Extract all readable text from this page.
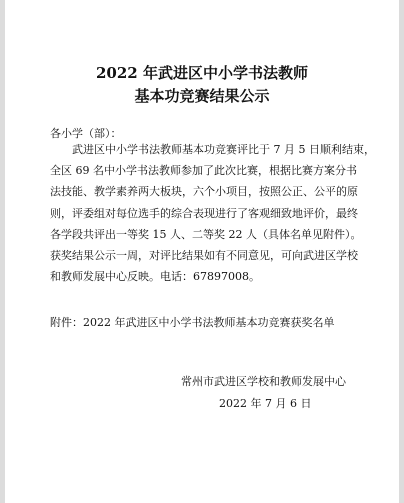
2022 年武进区中小学书法教师

基本功竞赛结果公示

各小学（部）：

　　武进区中小学书法教师基本功竞赛评比于 7 月 5 日顺利结束，
全区 69 名中小学书法教师参加了此次比赛，根据比赛方案分书
法技能、教学素养两大板块，六个小项目，按照公正、公平的原
则，评委组对每位选手的综合表现进行了客观细致地评价，最终
各学段共评出一等奖 15 人、二等奖 22 人（具体名单见附件）。
获奖结果公示一周，对评比结果如有不同意见，可向武进区学校
和教师发展中心反映。电话：67897008。

附件：2022 年武进区中小学书法教师基本功竞赛获奖名单

常州市武进区学校和教师发展中心
2022 年 7 月 6 日
